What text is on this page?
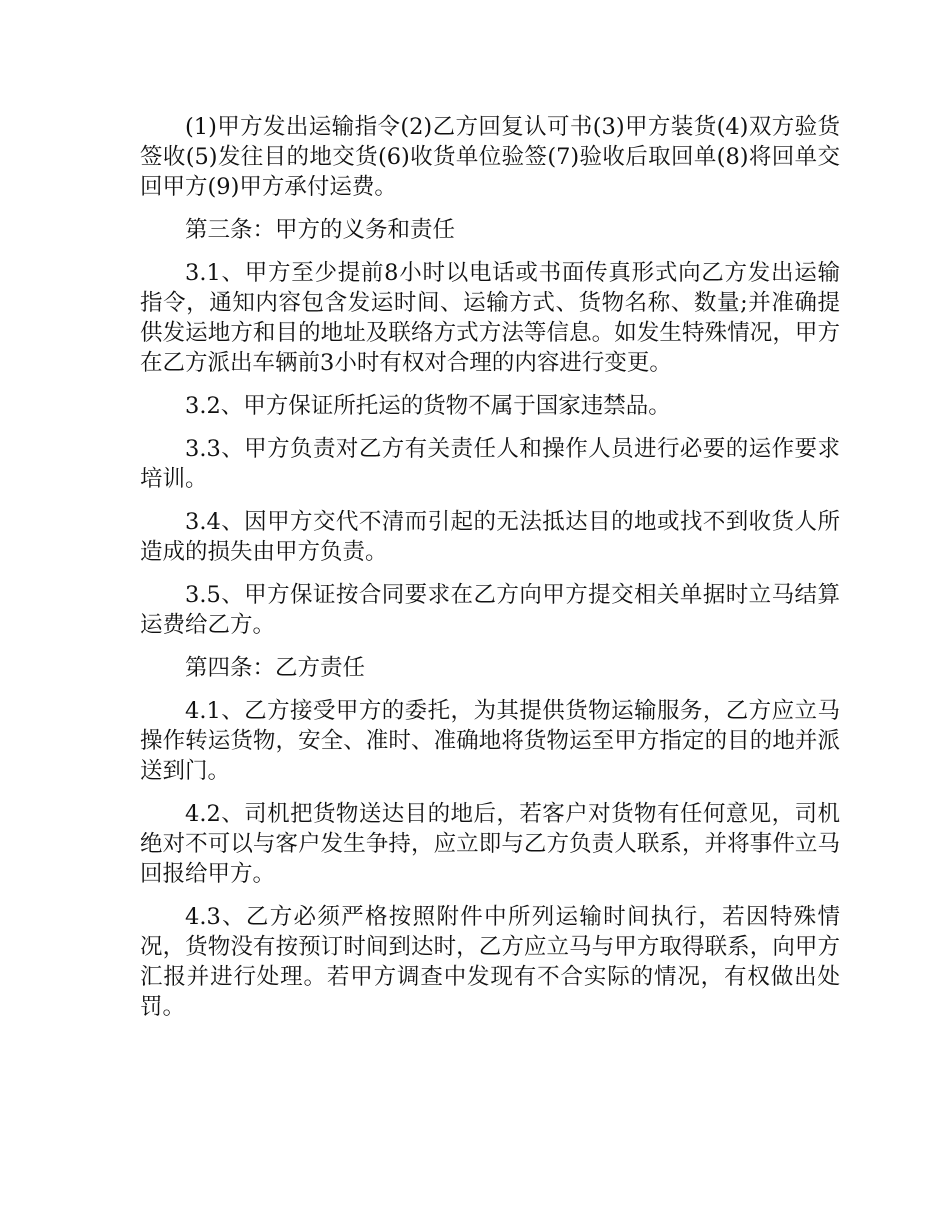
(1)甲方发出运输指令(2)乙方回复认可书(3)甲方装货(4)双方验货签收(5)发往目的地交货(6)收货单位验签(7)验收后取回单(8)将回单交回甲方(9)甲方承付运费。

第三条：甲方的义务和责任

3.1、甲方至少提前8小时以电话或书面传真形式向乙方发出运输指令，通知内容包含发运时间、运输方式、货物名称、数量;并准确提供发运地方和目的地址及联络方式方法等信息。如发生特殊情况，甲方在乙方派出车辆前3小时有权对合理的内容进行变更。

3.2、甲方保证所托运的货物不属于国家违禁品。

3.3、甲方负责对乙方有关责任人和操作人员进行必要的运作要求培训。

3.4、因甲方交代不清而引起的无法抵达目的地或找不到收货人所造成的损失由甲方负责。

3.5、甲方保证按合同要求在乙方向甲方提交相关单据时立马结算运费给乙方。

第四条：乙方责任

4.1、乙方接受甲方的委托，为其提供货物运输服务，乙方应立马操作转运货物，安全、准时、准确地将货物运至甲方指定的目的地并派送到门。

4.2、司机把货物送达目的地后，若客户对货物有任何意见，司机绝对不可以与客户发生争持，应立即与乙方负责人联系，并将事件立马回报给甲方。

4.3、乙方必须严格按照附件中所列运输时间执行，若因特殊情况，货物没有按预订时间到达时，乙方应立马与甲方取得联系，向甲方汇报并进行处理。若甲方调查中发现有不合实际的情况，有权做出处罚。
